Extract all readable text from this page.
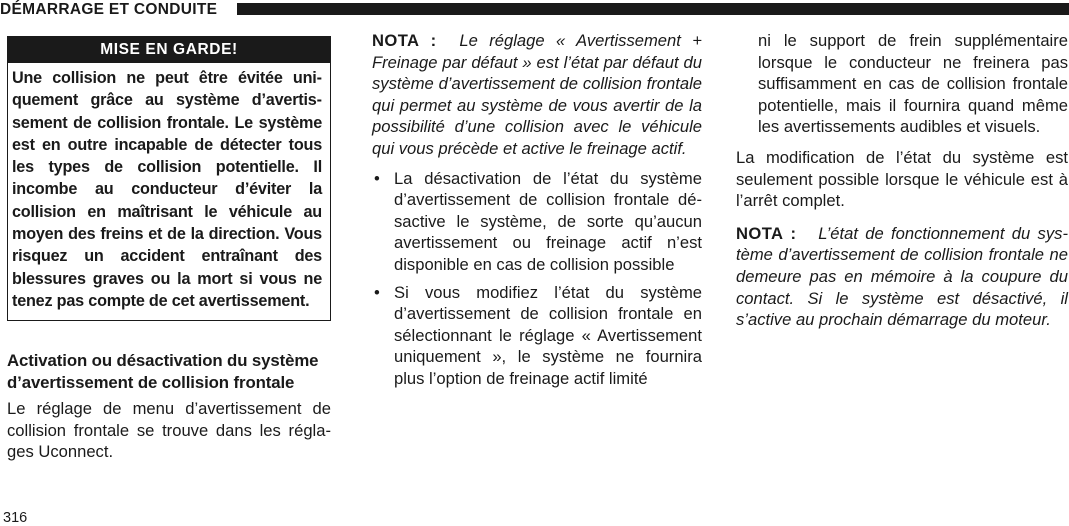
DÉMARRAGE ET CONDUITE
MISE EN GARDE!
Une collision ne peut être évitée uniquement grâce au système d’avertissement de collision frontale. Le système est en outre incapable de détecter tous les types de collision potentielle. Il incombe au conducteur d’éviter la collision en maîtrisant le véhicule au moyen des freins et de la direction. Vous risquez un accident entraînant des blessures graves ou la mort si vous ne tenez pas compte de cet avertissement.
Activation ou désactivation du système d’avertissement de collision frontale

Le réglage de menu d’avertissement de collision frontale se trouve dans les réglages Uconnect.

NOTA : Le réglage « Avertissement + Freinage par défaut » est l’état par défaut du système d’avertissement de collision frontale qui permet au système de vous avertir de la possibilité d’une collision avec le véhicule qui vous précède et active le freinage actif.

• La désactivation de l’état du système d’avertissement de collision frontale désactive le système, de sorte qu’aucun avertissement ou freinage actif n’est disponible en cas de collision possible
• Si vous modifiez l’état du système d’avertissement de collision frontale en sélectionnant le réglage « Avertissement uniquement », le système ne fournira plus l’option de freinage actif limité

ni le support de frein supplémentaire lorsque le conducteur ne freinera pas suffisamment en cas de collision frontale potentielle, mais il fournira quand même les avertissements audibles et visuels.

La modification de l’état du système est seulement possible lorsque le véhicule est à l’arrêt complet.

NOTA : L’état de fonctionnement du système d’avertissement de collision frontale ne demeure pas en mémoire à la coupure du contact. Si le système est désactivé, il s’active au prochain démarrage du moteur.

316
